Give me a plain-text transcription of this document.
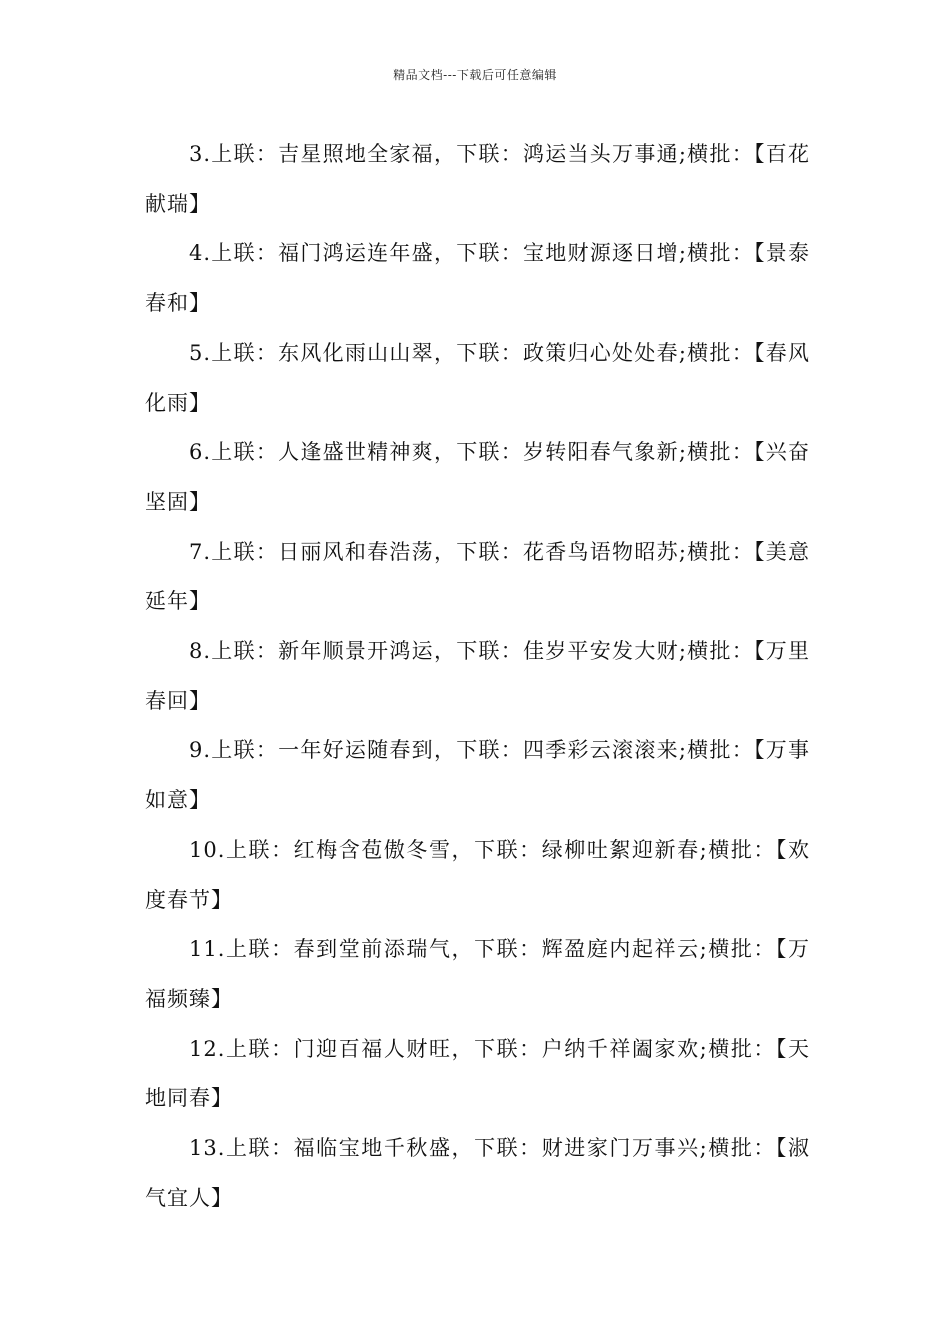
精品文档---下载后可任意编辑

3.上联：吉星照地全家福，下联：鸿运当头万事通;横批：【百花献瑞】

4.上联：福门鸿运连年盛，下联：宝地财源逐日增;横批：【景泰春和】

5.上联：东风化雨山山翠，下联：政策归心处处春;横批：【春风化雨】

6.上联：人逢盛世精神爽，下联：岁转阳春气象新;横批：【兴奋坚固】

7.上联：日丽风和春浩荡，下联：花香鸟语物昭苏;横批：【美意延年】

8.上联：新年顺景开鸿运，下联：佳岁平安发大财;横批：【万里春回】

9.上联：一年好运随春到，下联：四季彩云滚滚来;横批：【万事如意】

10.上联：红梅含苞傲冬雪，下联：绿柳吐絮迎新春;横批：【欢度春节】

11.上联：春到堂前添瑞气，下联：辉盈庭内起祥云;横批：【万福频臻】

12.上联：门迎百福人财旺，下联：户纳千祥阖家欢;横批：【天地同春】

13.上联：福临宝地千秋盛，下联：财进家门万事兴;横批：【淑气宜人】
